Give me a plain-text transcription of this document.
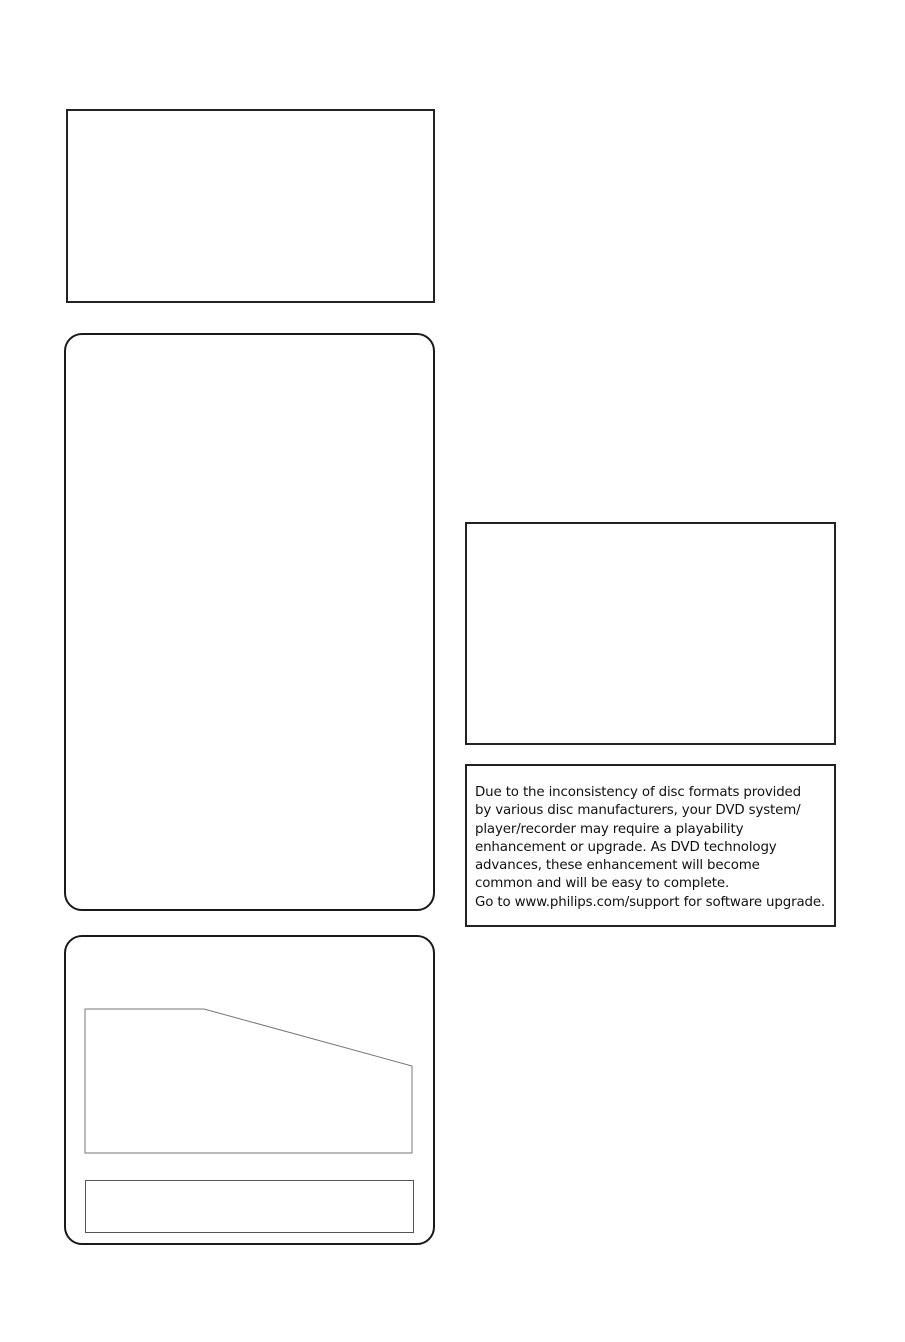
Due to the inconsistency of disc formats provided
by various disc manufacturers, your DVD system/
player/recorder may require a playability
enhancement or upgrade. As DVD technology
advances, these enhancement will become
common and will be easy to complete.
Go to www.philips.com/support for software upgrade.
